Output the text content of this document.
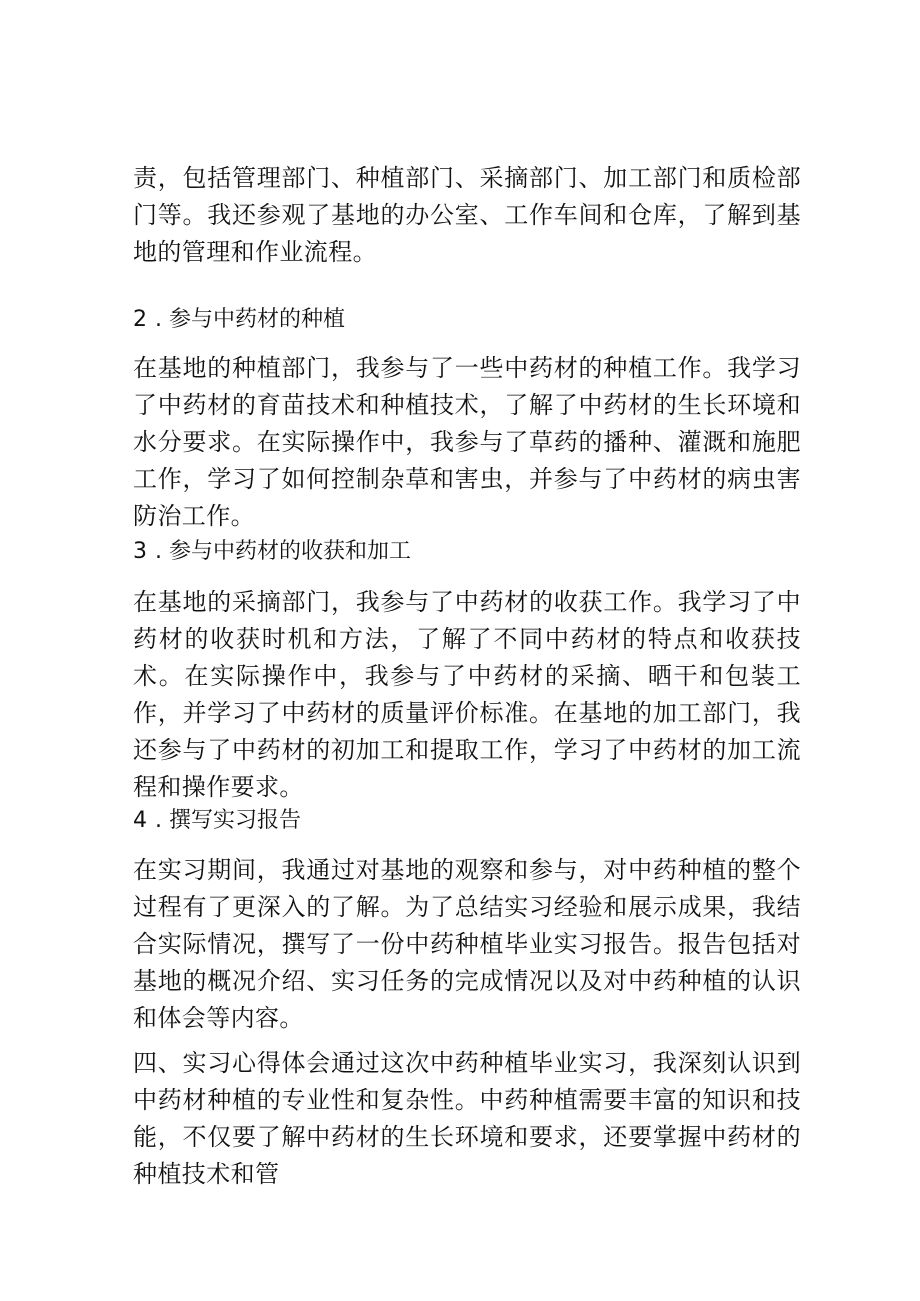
责，包括管理部门、种植部门、采摘部门、加工部门和质检部门等。我还参观了基地的办公室、工作车间和仓库，了解到基地的管理和作业流程。

2 . 参与中药材的种植

在基地的种植部门，我参与了一些中药材的种植工作。我学习了中药材的育苗技术和种植技术，了解了中药材的生长环境和水分要求。在实际操作中，我参与了草药的播种、灌溉和施肥工作，学习了如何控制杂草和害虫，并参与了中药材的病虫害防治工作。

3 . 参与中药材的收获和加工

在基地的采摘部门，我参与了中药材的收获工作。我学习了中药材的收获时机和方法，了解了不同中药材的特点和收获技术。在实际操作中，我参与了中药材的采摘、晒干和包装工作，并学习了中药材的质量评价标准。在基地的加工部门，我还参与了中药材的初加工和提取工作，学习了中药材的加工流程和操作要求。

4 . 撰写实习报告

在实习期间，我通过对基地的观察和参与，对中药种植的整个过程有了更深入的了解。为了总结实习经验和展示成果，我结合实际情况，撰写了一份中药种植毕业实习报告。报告包括对基地的概况介绍、实习任务的完成情况以及对中药种植的认识和体会等内容。

四、实习心得体会通过这次中药种植毕业实习，我深刻认识到中药材种植的专业性和复杂性。中药种植需要丰富的知识和技能，不仅要了解中药材的生长环境和要求，还要掌握中药材的种植技术和管
